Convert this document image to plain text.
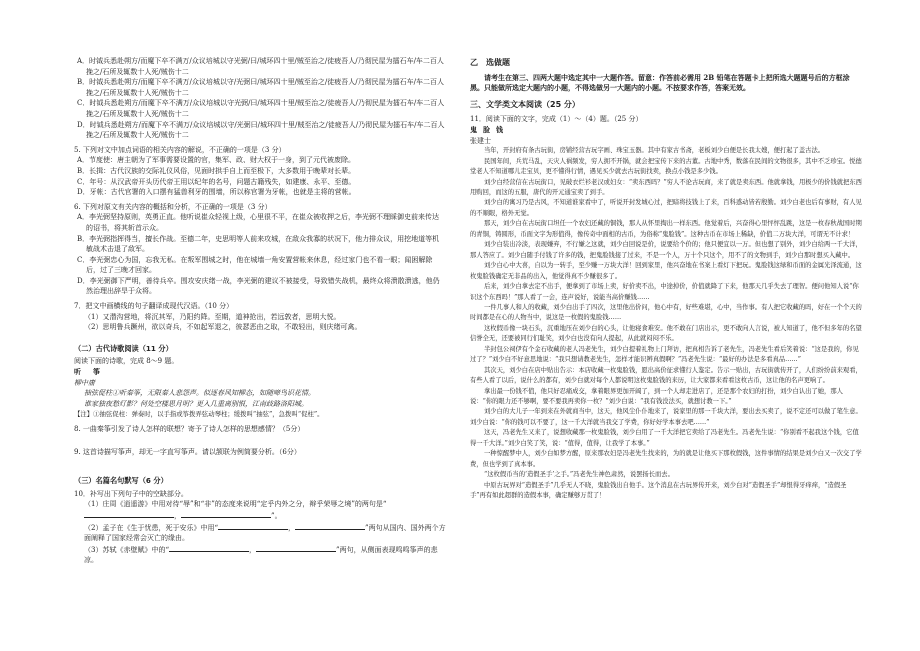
A．时钺兵悉赴朔方/而魔下卒不满万/众议培城以守光弼/曰/城环四十里/贼至治之/徒疲吾人/乃彻民屋为擂石车/车二百人挽之/石所及辄数十人死/贼伤十二

B．时钺兵悉赴朔方/而魔下卒不满万/众议培城以守/光弼曰/城环四十里/贼至治之/徒疲吾人/乃彻民屋为擂石车/车二百人挽之/石所及辄数十人死/贼伤十二

C．时钺兵悉赴朔方/而魔下卒不满万/众议培城以守光弼/曰/城环四十里/贼至治之/徒疲吾人/乃彻民屋为擂石车/车二百人挽之/石所及辄数十人死/贼伤十二

D．时钺兵悉赴朔方/而魔下卒不满万/众议培城以守/光弼曰/城环四十里/贼至治之/徒疲吾人/乃彻民屋为擂石车/车二百人挽之/石所及辄数十人死/贼伤十二

5. 下列对文中加点词语的相关内容的解说，不正确的一项是（3 分）

A．节度使：唐主朝为了军事需要设置的官，集军、政、财大权于一身，到了元代被废除。

B．长揖：古代汉族的交际礼仪风俗，见面时拱手自上而至极下，大多数用于晚辈对长辈。

C．年号：从汉武帝开头历代帝王用以纪年的名号，问题古籍残失，如建康、永平、至德。

D．牙帐：古代官署的入口摆有猛兽利牙的围墙，所以称官署为牙帐，也就是主将的营帐。

6. 下列对原文有关内容的概括和分析，不正确的一项是（3 分）

A．李光弼坚持原则，英勇正直。他听说崔众轻视上级，心里很不平，在崔众被收押之后，李光弼不理睬御史前来传达的诏书，将其斩首示众。

B．李光弼指挥得当，擅长作战。至德二年，史思明等人前来攻城，在敌众我寡的状况下，他力排众议，用挖地道等机敏战术击退了敌军。

C．李光弼忠心为国，忘我无私。在叛军围城之时，他在城墙一角安置营帐来休息，经过家门也不看一眼；闻困解除后，过了三晚才回家。

D．李光弼御下严明，善待兵卒。围攻安庆绪一战，李光弼的建议不被接受，导致错失战机，最终众将溃散溃逃，他仍然治理出辞旱于众将。

7．把文中画横线的句子翻译成现代汉语。（10 分）

（1）又潜沟营地，将沉其军，乃阳约降。至期，道神抢出，若远敦者，思明大悦。

（2）思明鲁兵蹶州，欲以奇兵，不如起军退之，彼瑟恶由之取，不敢轻出，则庆绪可禽。

（二）古代诗歌阅读（11 分）

阅读下面的诗歌，完成 8～9 题。

听筝

柳中庸

抽弦促柱①听秦筝，无限秦人悲怨声。似逐春风知柳态，如随啼鸟识花情。

谁家独夜愁灯影？何处空楼思月明？更入几重离别恨，江南歧路洛阳城。

【注】①抽弦促柱：弹奏时，以手指或筝拨弄弦动琴柱；缓拨叫“抽弦”，急拨叫“促柱”。

8. 一曲秦筝引发了诗人怎样的联想？寄予了诗人怎样的思想感情？（5分）

9. 这首诗描写筝声，却无一字直写筝声。请以颔联为例简要分析。（6分）

（三）名篇名句默写（6 分）

10．补写出下列句子中的空缺部分。

（1）庄周《逍遥游》中用对待“辱”和“非”的态度来说明“定乎内外之分，辩乎荣辱之境”的两句是“，	”。

（2）孟子在《生于忧患，死于安乐》中用“	，	”两句从国内、国外两个方面阐释了国家经常会灭亡的缘由。

（3）苏轼《赤壁赋》中的“	，	”两句，从侧面表现鸣鸣筝声的悲凉。

乙　选做题

请考生在第三、四两大题中选定其中一大题作答。留意：作答前必需用 2B 铅笔在答题卡上把所选大题题号后的方框涂黑。只能做所选定大题内的小题，不得选做另一大题内的小题。不按要求作答，答案无效。

三、文学类文本阅读（25 分）

11．阅读下面的文字，完成（1）～（4）题。（25 分）

鬼脸钱

张建士

当年，开封府有条古玩街，房铺经营古玩字画、珠宝玉器。其中有家古书斋，老板刘少白便是长我太嫂，便打起了盖古法。

民国年间，兵荒马乱，天灾人祸频发，穷人拥不开锅，就会把宝传下来的古董。古地中秀，数落在民间的文物很多，其中不乏珍宝。悦德堂老人不知道哪儿走宝贝，更不懂得行情，遇见买少就去古玩街找卖，换点小钱是多少钱。

刘少白经营信在古玩街口，见破衣烂衫老汉或妇女：“卖东西吗？”穷人不论古玩商，来了就是卖东西。他就拿钱，用极少的价钱就把东西用购回，而这的五服，唐代的开元通宝卖了到手。

刘少白的寓习乃是古风，不知道谁家看中了，听说开封发城心过，把暗将技钱上了来，百科惑动皆若殷勤。刘少白老也后有事财，有人见的不顺眼，格外无觉。

那天，刘少白在古玩街口坦任一个农妇还藏的铜钱，那人从怀里掏出一样东西。他觉着后，兴奋得心里怦怦乱跳，这是一枚春秋战国时期的青铜，铸圆形，币面文字为形值得，像传奇中面相的古币，为俗称“鬼脸钱”。这种古币在市场上稀缺，价值二万块大洋，可谓无不计求！

刘少白装出冷淡，表现嫌弃，不行嫌之这就，刘少白回说是价，说要给个价的；他只便宜以一万。但也想了别外，刘少白给两一千大洋，那人答应了。刘少白随手付钱了许多的钱，把鬼脸钱接了过来，不是一个人，万十个只这个，用不了的文物到手，刘少白那时想买入藏中。

刘少白心中大喜，自以为一转手，至少赚一万块大洋！回到家里，他兴奋地在书案上看灯下把玩。鬼脸钱这绿和币面的金属光泽流通，这枚鬼脸钱确定无非品的出入，他觉得真不少赚很多了。

后来，刘少白拿去定不出手，便拿到了市场上卖，好价卖不出，中途掉价，价值就降了下来，他那天几乎失去了理智。便问他知人说“你识这个东西吗！”那人看了一会，连声说好，说能当高价赚钱……

一件几事人和人的收藏，刘少白出手了四次，这里他出价问，他心中有，好些难堪，心中，当作事。有人把它收藏的吗，好在一个个天的时间都是在心的人物当中，说这是一枚假的鬼脸钱……

这枚假币像一块石头，沉重地压在刘少白的心头，让他寝食难安。他不敢在门店出示，更不敢向人言说，被人知道了，他不但多年的名望信誉全无，还要被同行们耻笑，刘少白也没有向人提起，从此就闷闷不乐。

半封包公祠伊有个金石收藏的老人冯老先生，刘少白提着礼物上门拜访，把真相告诉了老先生，冯老先生看后笑着说：“这是我的，你见过了？”刘少白不好意思地说：“我只想请教老先生，怎样才能识辨真假啊？”冯老先生说：“最好的办法是多看真品……”

其次天，刘少白在店中贴出告示：本店收藏一枚鬼脸钱，愿出高价征求懂行人鉴定。告示一贴出，古玩街就传开了，人们纷纷前来观看，有些人看了以后，说什么的都有，刘少白就对每个人都说明这枚鬼脸钱的来历，让大家都来看看这枚古币，这让他的名声更响了。

拿出最一份钱不值，他只好忍痛成交，拿着眼界更加开阔了，到一个人却走进店了，还是那个农妇的打扮，刘少白认出了她，那人说：“你的眼力还不够啊，要不要我再卖你一枚？”刘少白说：“我有钱没法买，就想讨教一下。”

刘少白的大儿子一年到来在外就商当中，这天，他风尘仆仆地来了，说家里的那一千块大洋，要出去买卖了，说不定还可以做了笔生意。刘少白说：“你的钱可以不要了，这一千大洋就当我交了学费，你好好学本事去吧……”

这天，冯老先生又来了，说想收藏那一枚鬼脸钱，刘少白用了一千大洋把它卖给了冯老先生。冯老先生说：“你别看不起我这个钱，它值得一千大洋。”刘少白笑了笑，说：“值得，值得，让我学了本事。”

一种惊醒梦中人，刘少白如梦方醒，原来那农妇是冯老先生找来的，为的就是让他买下那枚假钱，这件事情的结果是刘少白又一次交了学费，但也学到了真本事。

“这枚假币当的‘造假圣手’之手。”冯老先生神色肃然，说罢扬长而去。

中原古玩界对“造假圣手”几乎无人不晓，鬼脸钱出自他手。这个消息在古玩界传开来，刘少白对“造假圣手”却恨得牙痒痒，“造假圣手”再有如此超群的造假本事，确定赚够万贯了！
